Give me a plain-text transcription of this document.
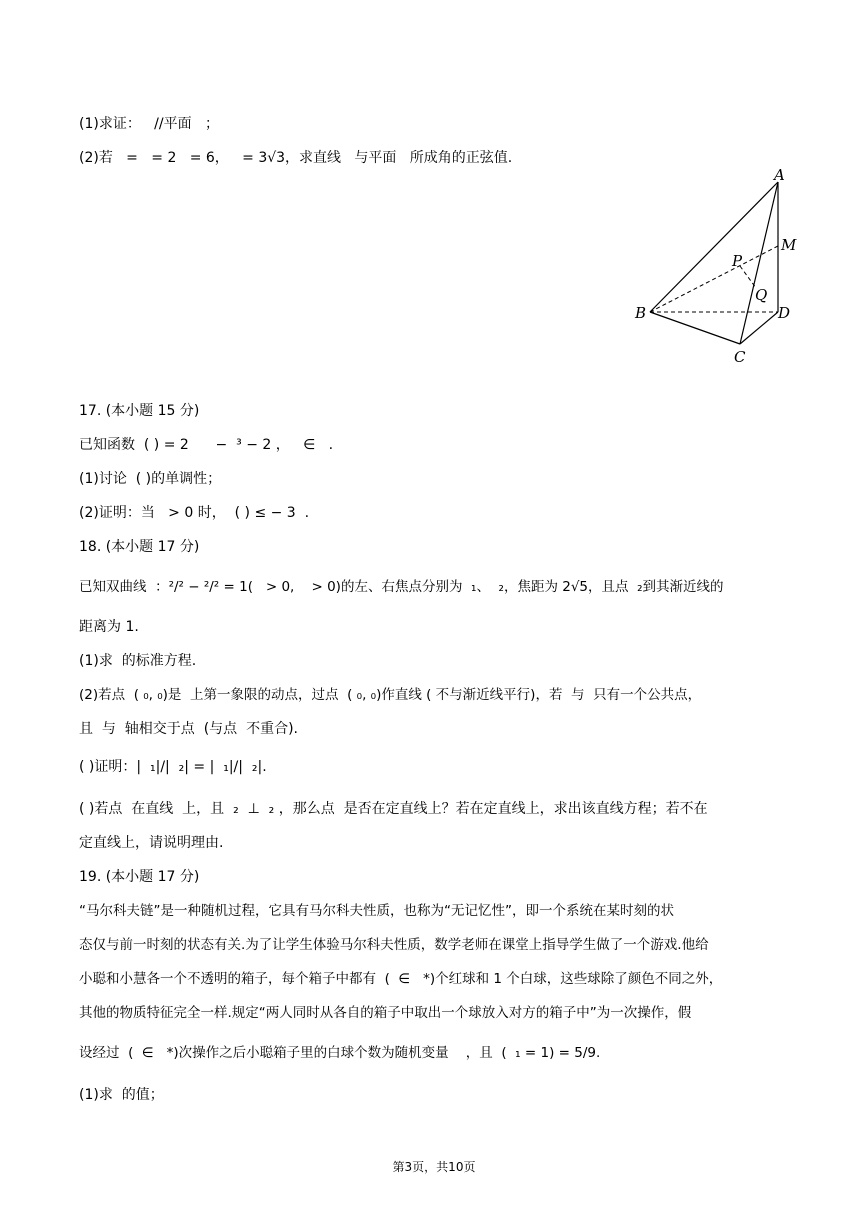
(1)求证：   //平面   ；
(2)若   =   = 2   = 6，   = 3√3，求直线   与平面   所成角的正弦值.
A
B
C
D
M
P
Q
17. (本小题 15 分)
已知函数  ( ) = 2      −  ³ − 2 ，   ∈   .
(1)讨论  ( )的单调性；
(2)证明：当   > 0 时，  ( ) ≤ − 3  .
18. (本小题 17 分)
已知双曲线  ：²/² − ²/² = 1(   > 0,    > 0)的左、右焦点分别为  ₁、  ₂，焦距为 2√5，且点  ₂到其渐近线的
距离为 1.
(1)求  的标准方程.
(2)若点  ( ₀, ₀)是  上第一象限的动点，过点  ( ₀, ₀)作直线 ( 不与渐近线平行)，若  与  只有一个公共点，
且  与  轴相交于点  (与点  不重合).
( )证明：|  ₁|/|  ₂| = |  ₁|/|  ₂|.
( )若点  在直线  上，且  ₂  ⊥  ₂ ，那么点  是否在定直线上？若在定直线上，求出该直线方程；若不在
定直线上，请说明理由.
19. (本小题 17 分)
“马尔科夫链”是一种随机过程，它具有马尔科夫性质，也称为“无记忆性”，即一个系统在某时刻的状
态仅与前一时刻的状态有关.为了让学生体验马尔科夫性质，数学老师在课堂上指导学生做了一个游戏.他给
小聪和小慧各一个不透明的箱子，每个箱子中都有  (  ∈   *)个红球和 1 个白球，这些球除了颜色不同之外，
其他的物质特征完全一样.规定“两人同时从各自的箱子中取出一个球放入对方的箱子中”为一次操作，假
设经过  (  ∈   *)次操作之后小聪箱子里的白球个数为随机变量    ，且  (  ₁ = 1) = 5/9.
(1)求  的值；
第3页，共10页
